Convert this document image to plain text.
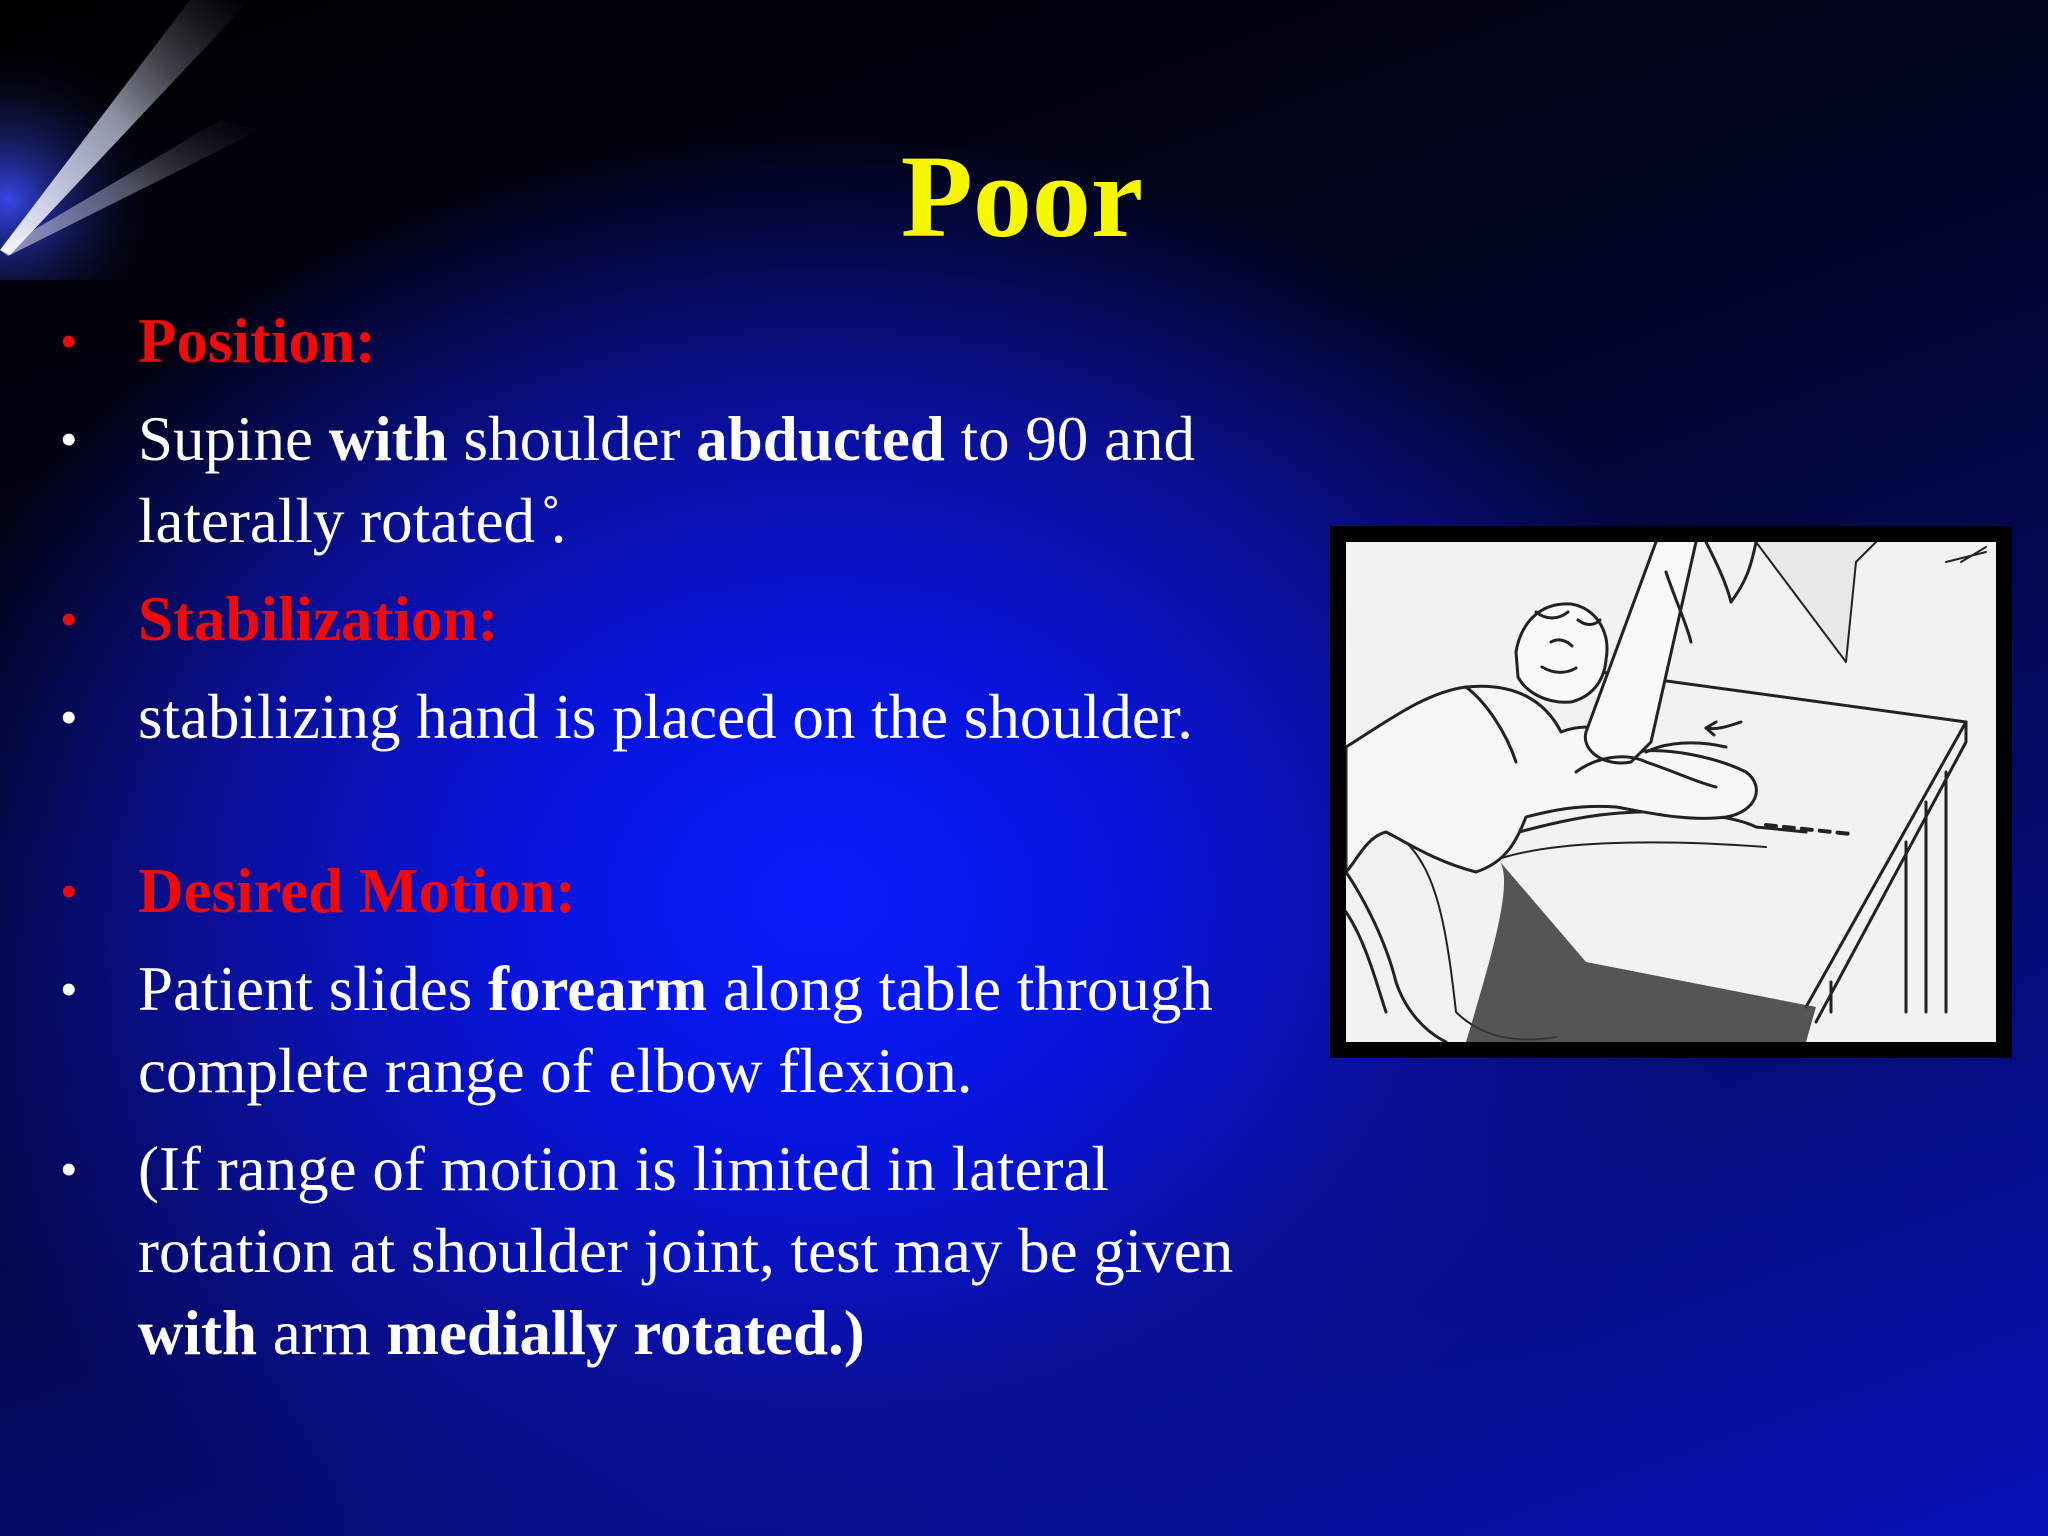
Poor
• Position:
• Supine with shoulder abducted to 90 and laterally rotated ̊.
• Stabilization:
• stabilizing hand is placed on the shoulder.
• Desired Motion:
• Patient slides forearm along table through complete range of elbow flexion.
• (If range of motion is limited in lateral rotation at shoulder joint, test may be given with arm medially rotated.)
